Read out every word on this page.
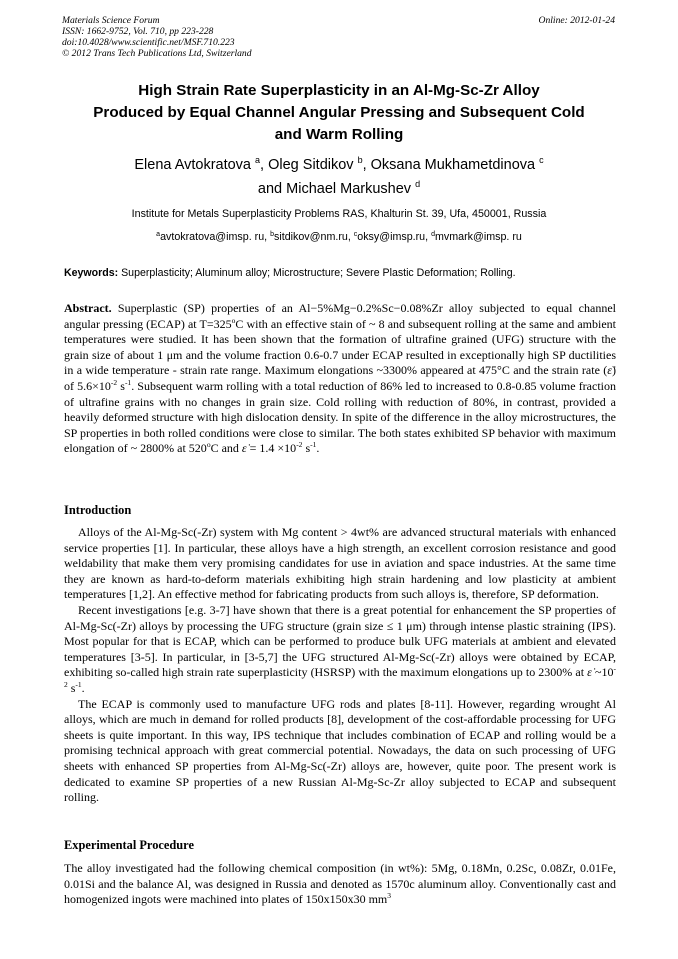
Materials Science Forum
ISSN: 1662-9752, Vol. 710, pp 223-228
doi:10.4028/www.scientific.net/MSF.710.223
© 2012 Trans Tech Publications Ltd, Switzerland
Online: 2012-01-24
High Strain Rate Superplasticity in an Al-Mg-Sc-Zr Alloy
Produced by Equal Channel Angular Pressing and Subsequent Cold
and Warm Rolling
Elena Avtokratova $^a$, Oleg Sitdikov $^b$, Oksana Mukhametdinova $^c$
and Michael Markushev $^d$
Institute for Metals Superplasticity Problems RAS, Khalturin St. 39, Ufa, 450001, Russia
$^a$avtokratova@imsp. ru, $^b$sitdikov@nm.ru, $^c$oksy@imsp.ru, $^d$mvmark@imsp. ru
Keywords: Superplasticity; Aluminum alloy; Microstructure; Severe Plastic Deformation; Rolling.
Abstract. Superplastic (SP) properties of an Al−5%Mg−0.2%Sc−0.08%Zr alloy subjected to equal channel angular pressing (ECAP) at $T=325^oC$ with an effective stain of ~ 8 and subsequent rolling at the same and ambient temperatures were studied. It has been shown that the formation of ultrafine grained (UFG) structure with the grain size of about 1 μm and the volume fraction 0.6-0.7 under ECAP resulted in exceptionally high SP ductilities in a wide temperature - strain rate range. Maximum elongations ~3300% appeared at 475°C and the strain rate (ε̇) of $5.6\times 10^{-2}$ $s^{-1}$. Subsequent warm rolling with a total reduction of 86% led to increased to 0.8-0.85 volume fraction of ultrafine grains with no changes in grain size. Cold rolling with reduction of 80%, in contrast, provided a heavily deformed structure with high dislocation density. In spite of the difference in the alloy microstructures, the SP properties in both rolled conditions were close to similar. The both states exhibited SP behavior with maximum elongation of ~ 2800% at 520$^o$C and ε̇ = $1.4 \times 10^{-2}$ $s^{-1}$.
Introduction

Alloys of the Al-Mg-Sc(-Zr) system with Mg content > 4wt% are advanced structural materials with enhanced service properties [1]. In particular, these alloys have a high strength, an excellent corrosion resistance and good weldability that make them very promising candidates for use in aviation and space industries. At the same time they are known as hard-to-deform materials exhibiting high strain hardening and low plasticity at ambient temperatures [1,2]. An effective method for fabricating products from such alloys is, therefore, SP deformation.

Recent investigations [e.g. 3-7] have shown that there is a great potential for enhancement the SP properties of Al-Mg-Sc(-Zr) alloys by processing the UFG structure (grain size ≤ 1 μm) through intense plastic straining (IPS). Most popular for that is ECAP, which can be performed to produce bulk UFG materials at ambient and elevated temperatures [3-5]. In particular, in [3-5,7] the UFG structured Al-Mg-Sc(-Zr) alloys were obtained by ECAP, exhibiting so-called high strain rate superplasticity (HSRSP) with the maximum elongations up to 2300% at ε̇ $\sim 10^{-2}$ $s^{-1}$.

The ECAP is commonly used to manufacture UFG rods and plates [8-11]. However, regarding wrought Al alloys, which are much in demand for rolled products [8], development of the cost-affordable processing for UFG sheets is quite important. In this way, IPS technique that includes combination of ECAP and rolling would be a promising technical approach with great commercial potential. Nowadays, the data on such processing of UFG sheets with enhanced SP properties from Al-Mg-Sc(-Zr) alloys are, however, quite poor. The present work is dedicated to examine SP properties of a new Russian Al-Mg-Sc-Zr alloy subjected to ECAP and subsequent rolling.

Experimental Procedure

The alloy investigated had the following chemical composition (in wt%): 5Mg, 0.18Mn, 0.2Sc, 0.08Zr, 0.01Fe, 0.01Si and the balance Al, was designed in Russia and denoted as 1570c aluminum alloy. Conventionally cast and homogenized ingots were machined into plates of 150x150x30 $mm^3$
